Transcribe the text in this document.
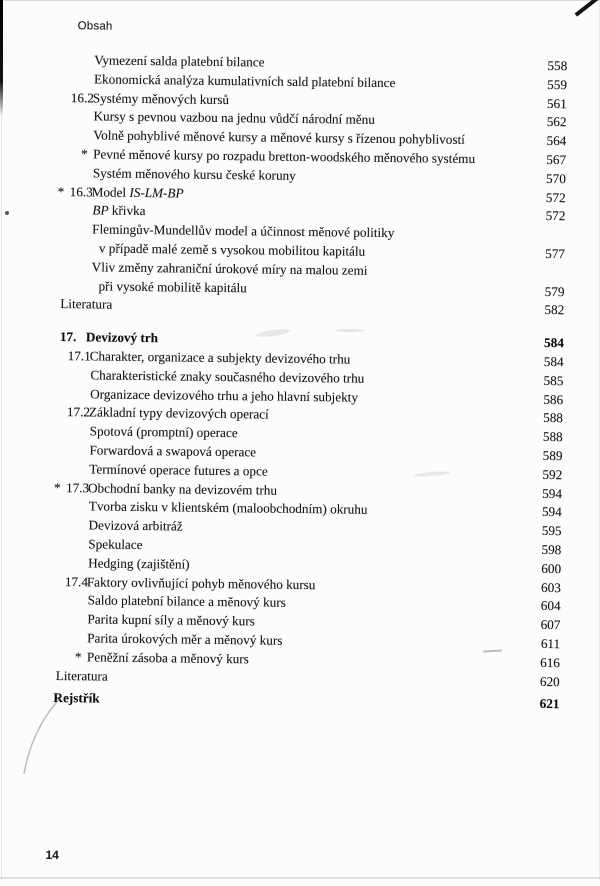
Obsah
Vymezení salda platební bilance	558
Ekonomická analýza kumulativních sald platební bilance	559
16.2Systémy měnových kursů	561
Kursy s pevnou vazbou na jednu vůdčí národní měnu	562
Volně pohyblivé měnové kursy a měnové kursy s řízenou pohyblivostí	564
* Pevné měnové kursy po rozpadu bretton-woodského měnového systému	567
Systém měnového kursu české koruny	570
* 16.3Model IS-LM-BP	572
BP křivka	572
Flemingův-Mundellův model a účinnost měnové politiky
v případě malé země s vysokou mobilitou kapitálu	577
Vliv změny zahraniční úrokové míry na malou zemi
při vysoké mobilitě kapitálu	579
Literatura	582
17. Devizový trh	584
17.1Charakter, organizace a subjekty devizového trhu	584
Charakteristické znaky současného devizového trhu	585
Organizace devizového trhu a jeho hlavní subjekty	586
17.2Základní typy devizových operací	588
Spotová (promptní) operace	588
Forwardová a swapová operace	589
Termínové operace futures a opce	592
* 17.3Obchodní banky na devizovém trhu	594
Tvorba zisku v klientském (maloobchodním) okruhu	594
Devizová arbitráž	595
Spekulace	598
Hedging (zajištění)	600
17.4Faktory ovlivňující pohyb měnového kursu	603
Saldo platební bilance a měnový kurs	604
Parita kupní síly a měnový kurs	607
Parita úrokových měr a měnový kurs	611
* Peněžní zásoba a měnový kurs	616
Literatura	620
Rejstřík	621
14
